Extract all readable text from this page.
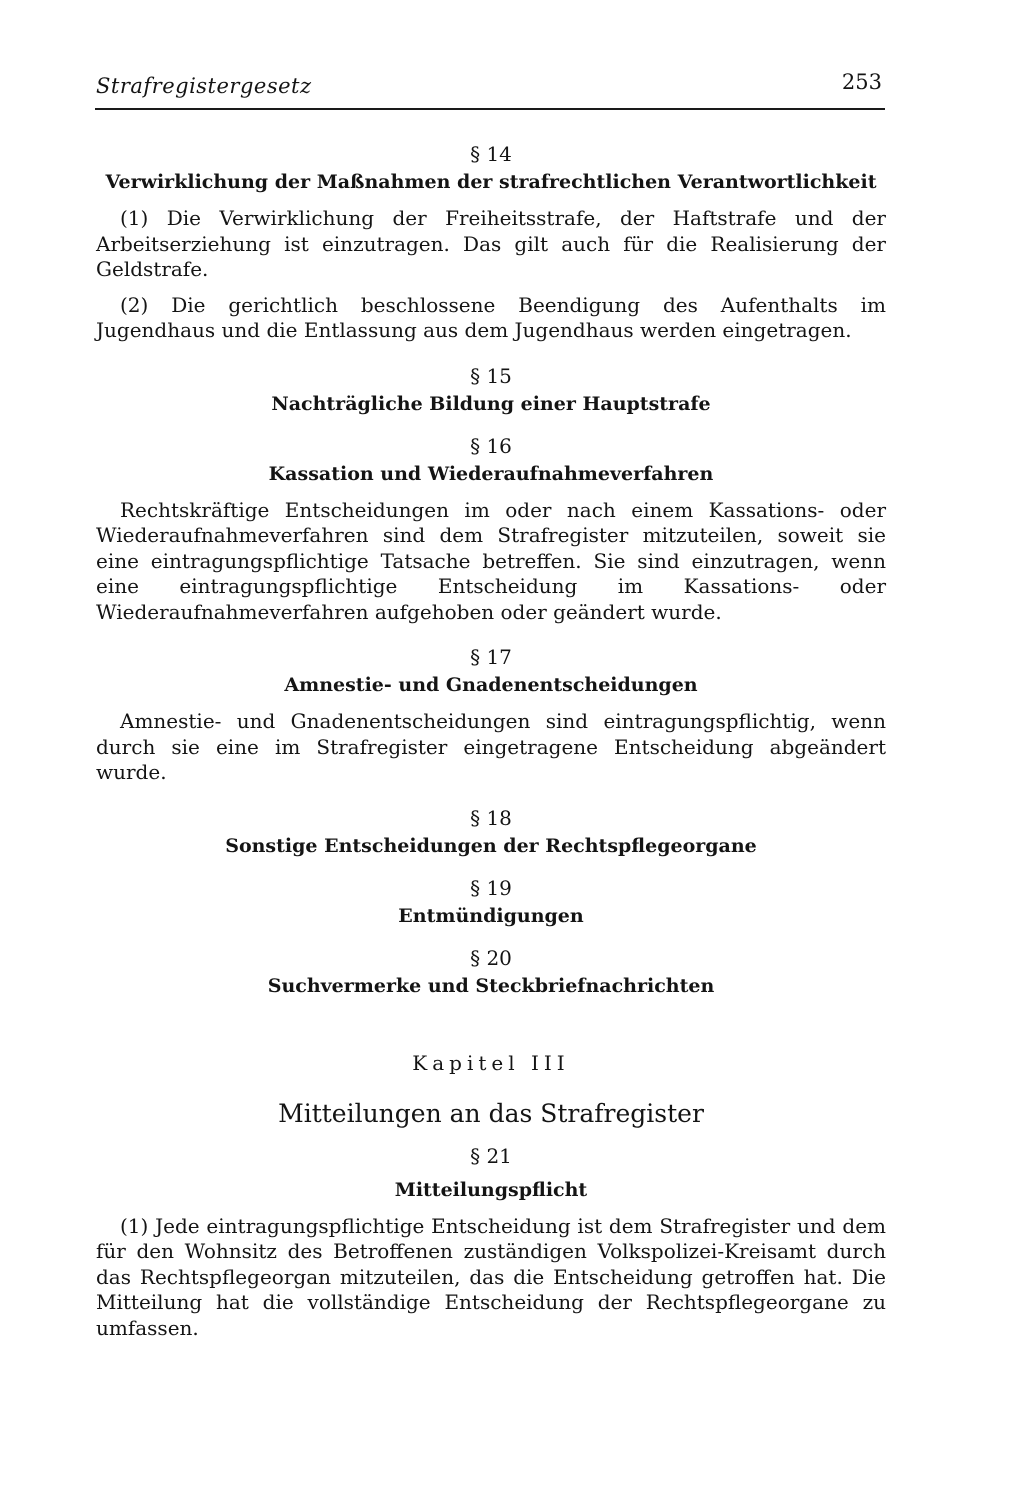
Strafregistergesetz	253
§ 14
Verwirklichung der Maßnahmen der strafrechtlichen Verantwortlichkeit

(1) Die Verwirklichung der Freiheitsstrafe, der Haftstrafe und der Arbeitserziehung ist einzutragen. Das gilt auch für die Realisierung der Geldstrafe.

(2) Die gerichtlich beschlossene Beendigung des Aufenthalts im Jugendhaus und die Entlassung aus dem Jugendhaus werden eingetragen.

§ 15
Nachträgliche Bildung einer Hauptstrafe
§ 16
Kassation und Wiederaufnahmeverfahren

Rechtskräftige Entscheidungen im oder nach einem Kassations- oder Wiederaufnahmeverfahren sind dem Strafregister mitzuteilen, soweit sie eine eintragungspflichtige Tatsache betreffen. Sie sind einzutragen, wenn eine eintragungspflichtige Entscheidung im Kassations- oder Wiederaufnahmeverfahren aufgehoben oder geändert wurde.

§ 17
Amnestie- und Gnadenentscheidungen

Amnestie- und Gnadenentscheidungen sind eintragungspflichtig, wenn durch sie eine im Strafregister eingetragene Entscheidung abgeändert wurde.

§ 18
Sonstige Entscheidungen der Rechtspflegeorgane
§ 19
Entmündigungen
§ 20
Suchvermerke und Steckbriefnachrichten
Kapitel III
Mitteilungen an das Strafregister
§ 21
Mitteilungspflicht

(1) Jede eintragungspflichtige Entscheidung ist dem Strafregister und dem für den Wohnsitz des Betroffenen zuständigen Volkspolizei-Kreisamt durch das Rechtspflegeorgan mitzuteilen, das die Entscheidung getroffen hat. Die Mitteilung hat die vollständige Entscheidung der Rechtspflegeorgane zu umfassen.
